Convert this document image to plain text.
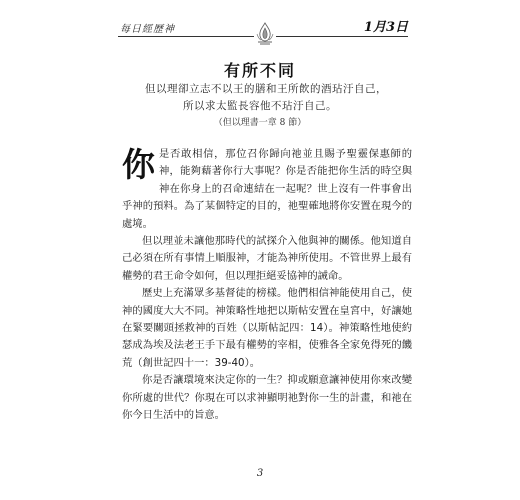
每日經歷神	1月3日
有所不同
但以理卻立志不以王的膳和王所飲的酒玷汙自己，
所以求太監長容他不玷汙自己。
（但以理書一章 8 節）

你是否敢相信，那位召你歸向祂並且賜予聖靈保惠師的神，能夠藉著你行大事呢？你是否能把你生活的時空與神在你身上的召命連結在一起呢？世上沒有一件事會出乎神的預料。為了某個特定的目的，祂聖確地將你安置在現今的處境。

但以理並未讓他那時代的試探介入他與神的關係。他知道自己必須在所有事情上順服神，才能為神所使用。不管世界上最有權勢的君王命令如何，但以理拒絕妥協神的誡命。

歷史上充滿眾多基督徒的榜樣。他們相信神能使用自己，使神的國度大大不同。神策略性地把以斯帖安置在皇宮中，好讓她在緊要關頭拯救神的百姓（以斯帖記四：14）。神策略性地使約瑟成為埃及法老王手下最有權勢的宰相，使雅各全家免得死的饑荒（創世記四十一：39-40）。

你是否讓環境來決定你的一生？抑或願意讓神使用你來改變你所處的世代？你現在可以求神顯明祂對你一生的計畫，和祂在你今日生活中的旨意。

3
